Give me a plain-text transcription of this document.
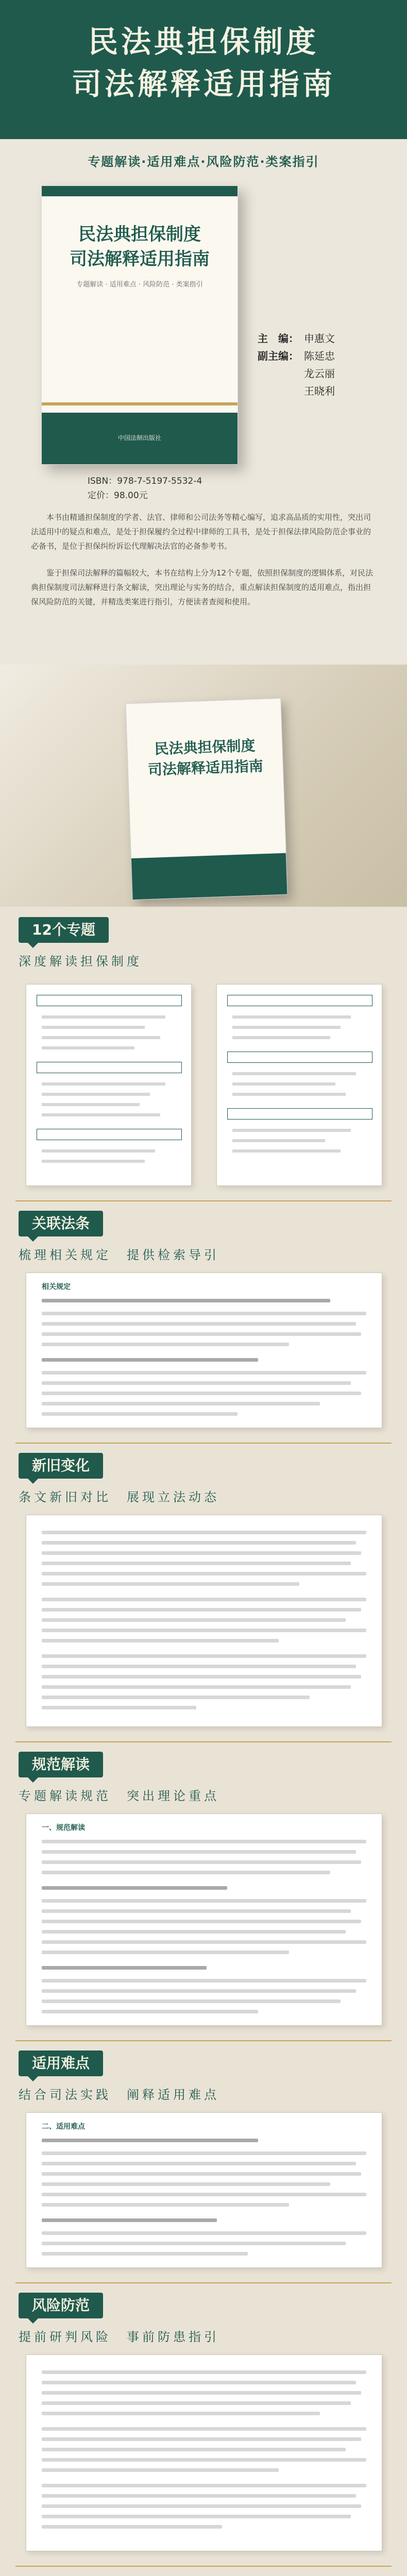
民法典担保制度
司法解释适用指南
专题解读·适用难点·风险防范·类案指引
民法典担保制度
司法解释适用指南
专题解读 · 适用难点 · 风险防范 · 类案指引
中国法制出版社
主　编： 申惠文
副主编： 陈延忠
龙云丽
王晓利
ISBN：978-7-5197-5532-4
定价：98.00元

本书由精通担保制度的学者、法官、律师和公司法务等精心编写，追求高品质的实用性，突出司法适用中的疑点和难点，是处于担保履约全过程中律师的工具书，是处于担保法律风险防范企事业的必备书，是位于担保纠纷诉讼代理解决法官的必备参考书。

鉴于担保司法解释的篇幅较大，本书在结构上分为12个专题，依照担保制度的逻辑体系，对民法典担保制度司法解释进行条文解读，突出理论与实务的结合，重点解读担保制度的适用难点，指出担保风险防范的关键，并精选类案进行指引，方便读者查阅和使用。

民法典担保制度
司法解释适用指南
12个专题
深度解读担保制度
关联法条
梳理相关规定　提供检索导引
相关规定
新旧变化
条文新旧对比　展现立法动态
规范解读
专题解读规范　突出理论重点
一、规范解读
适用难点
结合司法实践　阐释适用难点
二、适用难点
风险防范
提前研判风险　事前防患指引
